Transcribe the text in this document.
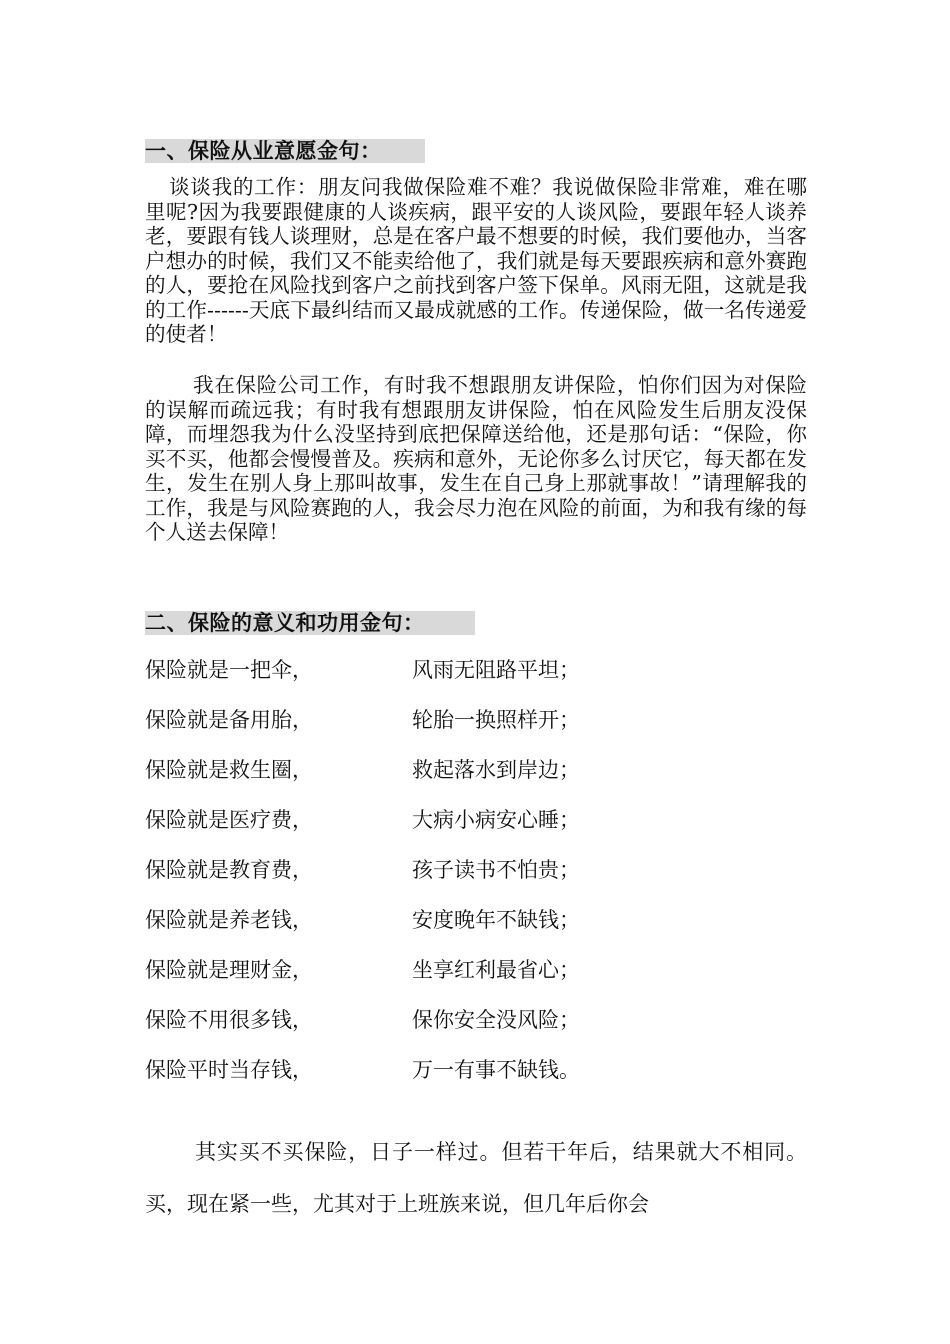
一、保险从业意愿金句：

谈谈我的工作：朋友问我做保险难不难？我说做保险非常难，难在哪里呢?因为我要跟健康的人谈疾病，跟平安的人谈风险，要跟年轻人谈养老，要跟有钱人谈理财，总是在客户最不想要的时候，我们要他办，当客户想办的时候，我们又不能卖给他了，我们就是每天要跟疾病和意外赛跑的人，要抢在风险找到客户之前找到客户签下保单。风雨无阻，这就是我的工作------天底下最纠结而又最成就感的工作。传递保险，做一名传递爱的使者！

我在保险公司工作，有时我不想跟朋友讲保险，怕你们因为对保险的误解而疏远我；有时我有想跟朋友讲保险，怕在风险发生后朋友没保障，而埋怨我为什么没坚持到底把保障送给他，还是那句话：“保险，你买不买，他都会慢慢普及。疾病和意外，无论你多么讨厌它，每天都在发生，发生在别人身上那叫故事，发生在自己身上那就事故！”请理解我的工作，我是与风险赛跑的人，我会尽力泡在风险的前面，为和我有缘的每个人送去保障！

二、保险的意义和功用金句：
保险就是一把伞，	风雨无阻路平坦；
保险就是备用胎，	轮胎一换照样开；
保险就是救生圈，	救起落水到岸边；
保险就是医疗费，	大病小病安心睡；
保险就是教育费，	孩子读书不怕贵；
保险就是养老钱，	安度晚年不缺钱；
保险就是理财金，	坐享红利最省心；
保险不用很多钱，	保你安全没风险；
保险平时当存钱，	万一有事不缺钱。

其实买不买保险，日子一样过。但若干年后，结果就大不相同。买，现在紧一些，尤其对于上班族来说，但几年后你会
